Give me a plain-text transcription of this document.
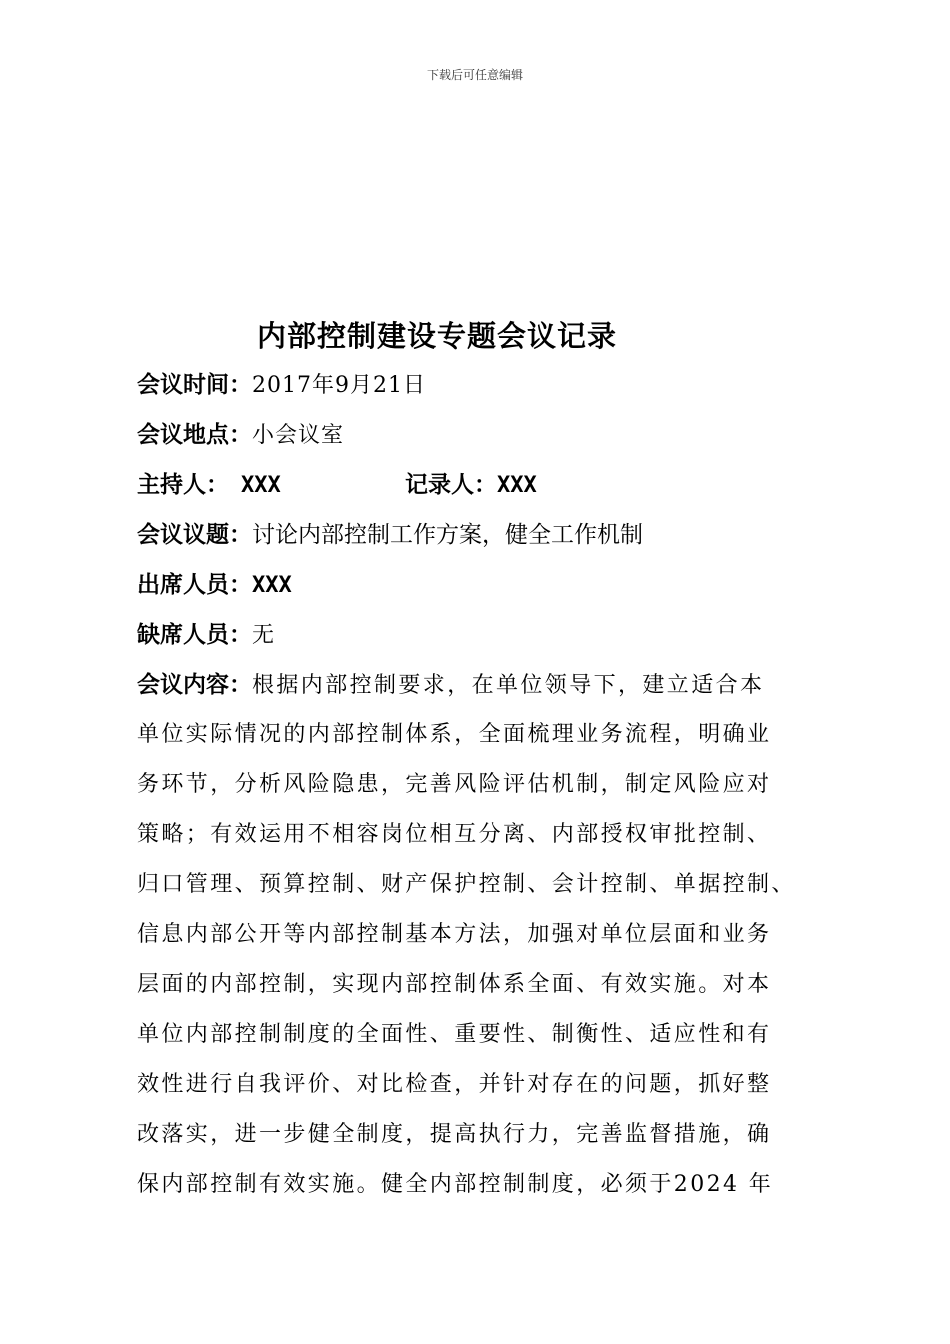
下载后可任意编辑
内部控制建设专题会议记录
会议时间：2017年9月21日
会议地点：小会议室
主持人： XXX	记录人：XXX
会议议题：讨论内部控制工作方案，健全工作机制
出席人员：XXX
缺席人员：无
会议内容：根据内部控制要求，在单位领导下，建立适合本
单位实际情况的内部控制体系，全面梳理业务流程，明确业
务环节，分析风险隐患，完善风险评估机制，制定风险应对
策略；有效运用不相容岗位相互分离、内部授权审批控制、
归口管理、预算控制、财产保护控制、会计控制、单据控制、
信息内部公开等内部控制基本方法，加强对单位层面和业务
层面的内部控制，实现内部控制体系全面、有效实施。对本
单位内部控制制度的全面性、重要性、制衡性、适应性和有
效性进行自我评价、对比检查，并针对存在的问题，抓好整
改落实，进一步健全制度，提高执行力，完善监督措施，确
保内部控制有效实施。健全内部控制制度，必须于2024 年
